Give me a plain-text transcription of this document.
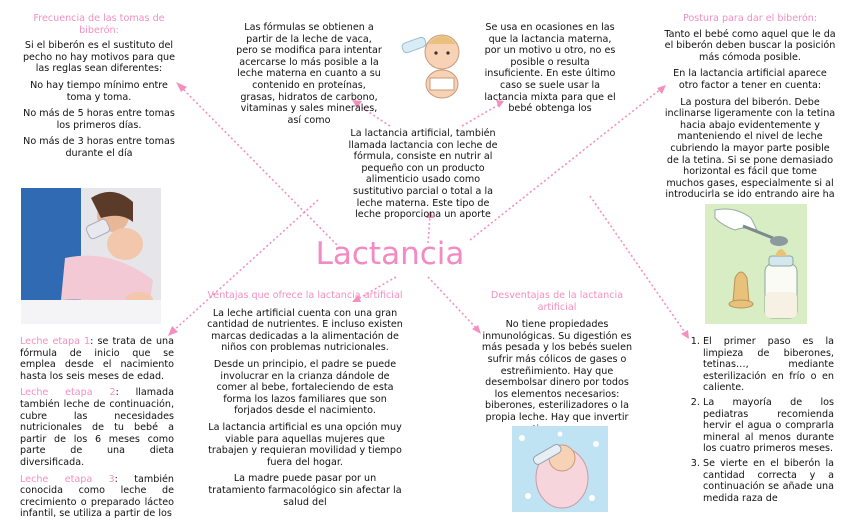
Lactancia
Frecuencia de las tomas de biberón:

Si el biberón es el sustituto del pecho no hay motivos para que las reglas sean diferentes:

No hay tiempo mínimo entre toma y toma.

No más de 5 horas entre tomas los primeros días.

No más de 3 horas entre tomas durante el día

Las fórmulas se obtienen a partir de la leche de vaca, pero se modifica para intentar acercarse lo más posible a la leche materna en cuanto a su contenido en proteínas, grasas, hidratos de carbono, vitaminas y sales minerales, así como

Se usa en ocasiones en las que la lactancia materna, por un motivo u otro, no es posible o resulta insuficiente. En este último caso se suele usar la lactancia mixta para que el bebé obtenga los

La lactancia artificial, también llamada lactancia con leche de fórmula, consiste en nutrir al pequeño con un producto alimenticio usado como sustitutivo parcial o total a la leche materna. Este tipo de leche proporciona un aporte

Postura para dar el biberón:

Tanto el bebé como aquel que le da el biberón deben buscar la posición más cómoda posible.

En la lactancia artificial aparece otro factor a tener en cuenta:

La postura del biberón. Debe inclinarse ligeramente con la tetina hacia abajo evidentemente y manteniendo el nivel de leche cubriendo la mayor parte posible de la tetina. Si se pone demasiado horizontal es fácil que tome muchos gases, especialmente si al introducirla se ido entrando aire ha

Leche etapa 1: se trata de una fórmula de inicio que se emplea desde el nacimiento hasta los seis meses de edad.

Leche etapa 2: llamada también leche de continuación, cubre las necesidades nutricionales de tu bebé a partir de los 6 meses como parte de una dieta diversificada.

Leche etapa 3: también conocida como leche de crecimiento o preparado lácteo infantil, se utiliza a partir de los

Ventajas que ofrece la lactancia artificial

La leche artificial cuenta con una gran cantidad de nutrientes. E incluso existen marcas dedicadas a la alimentación de niños con problemas nutricionales.

Desde un principio, el padre se puede involucrar en la crianza dándole de comer al bebe, fortaleciendo de esta forma los lazos familiares que son forjados desde el nacimiento.

La lactancia artificial es una opción muy viable para aquellas mujeres que trabajen y requieran movilidad y tiempo fuera del hogar.

La madre puede pasar por un tratamiento farmacológico sin afectar la salud del

Desventajas de la lactancia artificial

No tiene propiedades inmunológicas. Su digestión es más pesada y los bebés suelen sufrir más cólicos de gases o estreñimiento. Hay que desembolsar dinero por todos los elementos necesarios: biberones, esterilizadores o la propia leche. Hay que invertir

1. El primer paso es la limpieza de biberones, tetinas…, mediante esterilización en frío o en caliente.
2. La mayoría de los pediatras recomienda hervir el agua o comprarla mineral al menos durante los cuatro primeros meses.
3. Se vierte en el biberón la cantidad correcta y a continuación se añade una medida raza de
